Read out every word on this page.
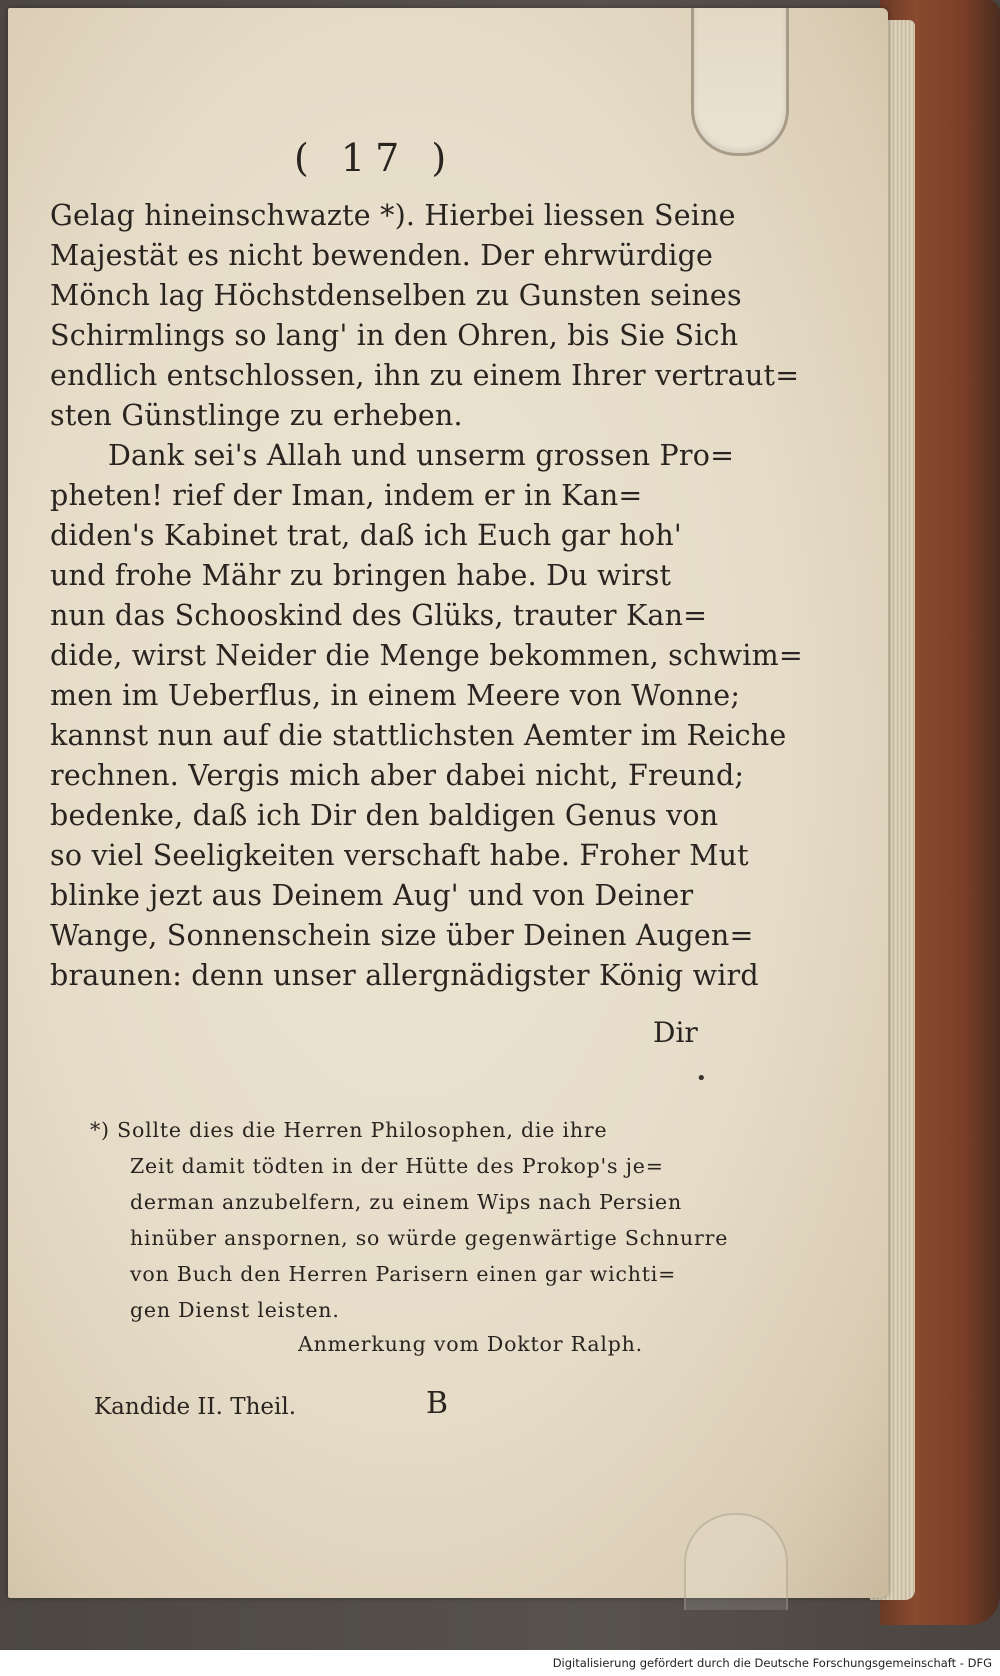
( 17 )
Gelag hineinschwazte *). Hierbei liessen Seine
Majestät es nicht bewenden. Der ehrwürdige
Mönch lag Höchstdenselben zu Gunsten seines
Schirmlings so lang' in den Ohren, bis Sie Sich
endlich entschlossen, ihn zu einem Ihrer vertraut=
sten Günstlinge zu erheben.
Dank sei's Allah und unserm grossen Pro=
pheten! rief der Iman, indem er in Kan=
diden's Kabinet trat, daß ich Euch gar hoh'
und frohe Mähr zu bringen habe. Du wirst
nun das Schooskind des Glüks, trauter Kan=
dide, wirst Neider die Menge bekommen, schwim=
men im Ueberflus, in einem Meere von Wonne;
kannst nun auf die stattlichsten Aemter im Reiche
rechnen. Vergis mich aber dabei nicht, Freund;
bedenke, daß ich Dir den baldigen Genus von
so viel Seeligkeiten verschaft habe. Froher Mut
blinke jezt aus Deinem Aug' und von Deiner
Wange, Sonnenschein size über Deinen Augen=
braunen: denn unser allergnädigster König wird
Dir
•
*) Sollte dies die Herren Philosophen, die ihre
Zeit damit tödten in der Hütte des Prokop's je=
derman anzubelfern, zu einem Wips nach Persien
hinüber anspornen, so würde gegenwärtige Schnurre
von Buch den Herren Parisern einen gar wichti=
gen Dienst leisten.
Anmerkung vom Doktor Ralph.
Kandide II. Theil.	B
Digitalisierung gefördert durch die Deutsche Forschungsgemeinschaft - DFG
